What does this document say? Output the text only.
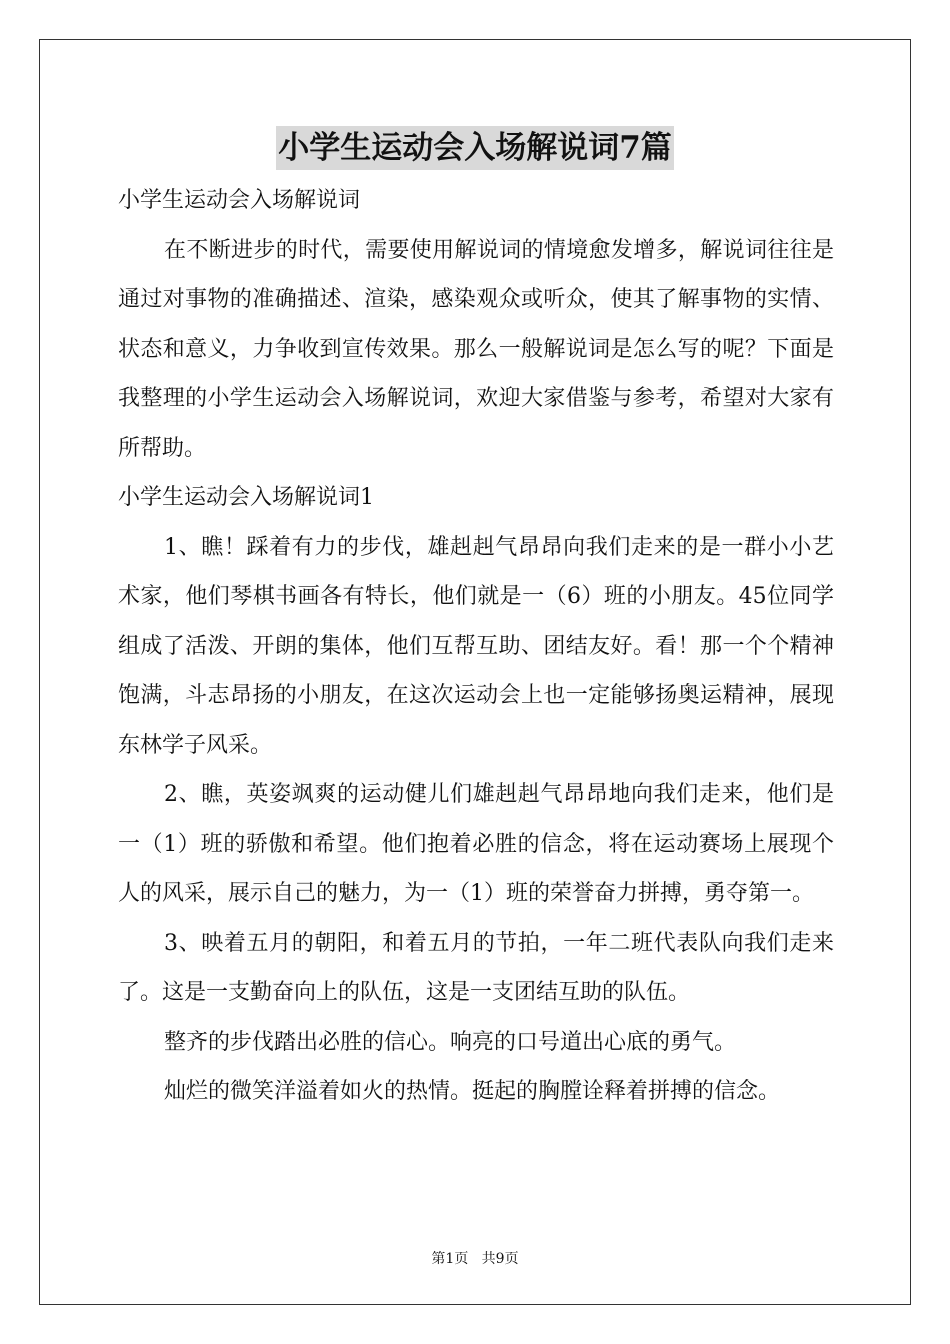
小学生运动会入场解说词7篇

小学生运动会入场解说词

在不断进步的时代，需要使用解说词的情境愈发增多，解说词往往是通过对事物的准确描述、渲染，感染观众或听众，使其了解事物的实情、状态和意义，力争收到宣传效果。那么一般解说词是怎么写的呢？下面是我整理的小学生运动会入场解说词，欢迎大家借鉴与参考，希望对大家有所帮助。

小学生运动会入场解说词1

1、瞧！踩着有力的步伐，雄赳赳气昂昂向我们走来的是一群小小艺术家，他们琴棋书画各有特长，他们就是一（6）班的小朋友。45位同学组成了活泼、开朗的集体，他们互帮互助、团结友好。看！那一个个精神饱满，斗志昂扬的小朋友，在这次运动会上也一定能够扬奥运精神，展现东林学子风采。

2、瞧，英姿飒爽的运动健儿们雄赳赳气昂昂地向我们走来，他们是一（1）班的骄傲和希望。他们抱着必胜的信念，将在运动赛场上展现个人的风采，展示自己的魅力，为一（1）班的荣誉奋力拼搏，勇夺第一。

3、映着五月的朝阳，和着五月的节拍，一年二班代表队向我们走来了。这是一支勤奋向上的队伍，这是一支团结互助的队伍。

整齐的步伐踏出必胜的信心。响亮的口号道出心底的勇气。

灿烂的微笑洋溢着如火的热情。挺起的胸膛诠释着拼搏的信念。

第1页   共9页
